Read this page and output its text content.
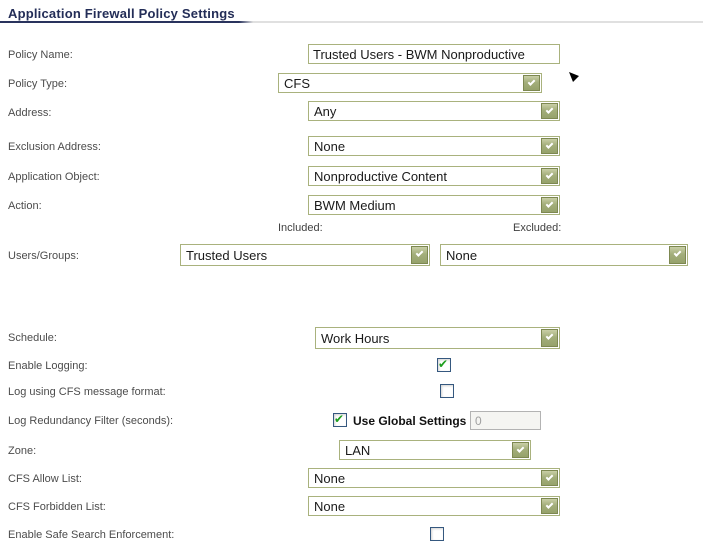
Application Firewall Policy Settings
Policy Name:	Trusted Users - BWM Nonproductive
Policy Type:	CFS
Address:	Any
Exclusion Address:	None
Application Object:	Nonproductive Content
Action:	BWM Medium
Included:	Excluded:
Users/Groups:	Trusted Users	None
Schedule:	Work Hours
Enable Logging:
✔
Log using CFS message format:
Log Redundancy Filter (seconds): ✔	Use Global Settings 0
Zone:	LAN
CFS Allow List:	None
CFS Forbidden List:	None
Enable Safe Search Enforcement:
